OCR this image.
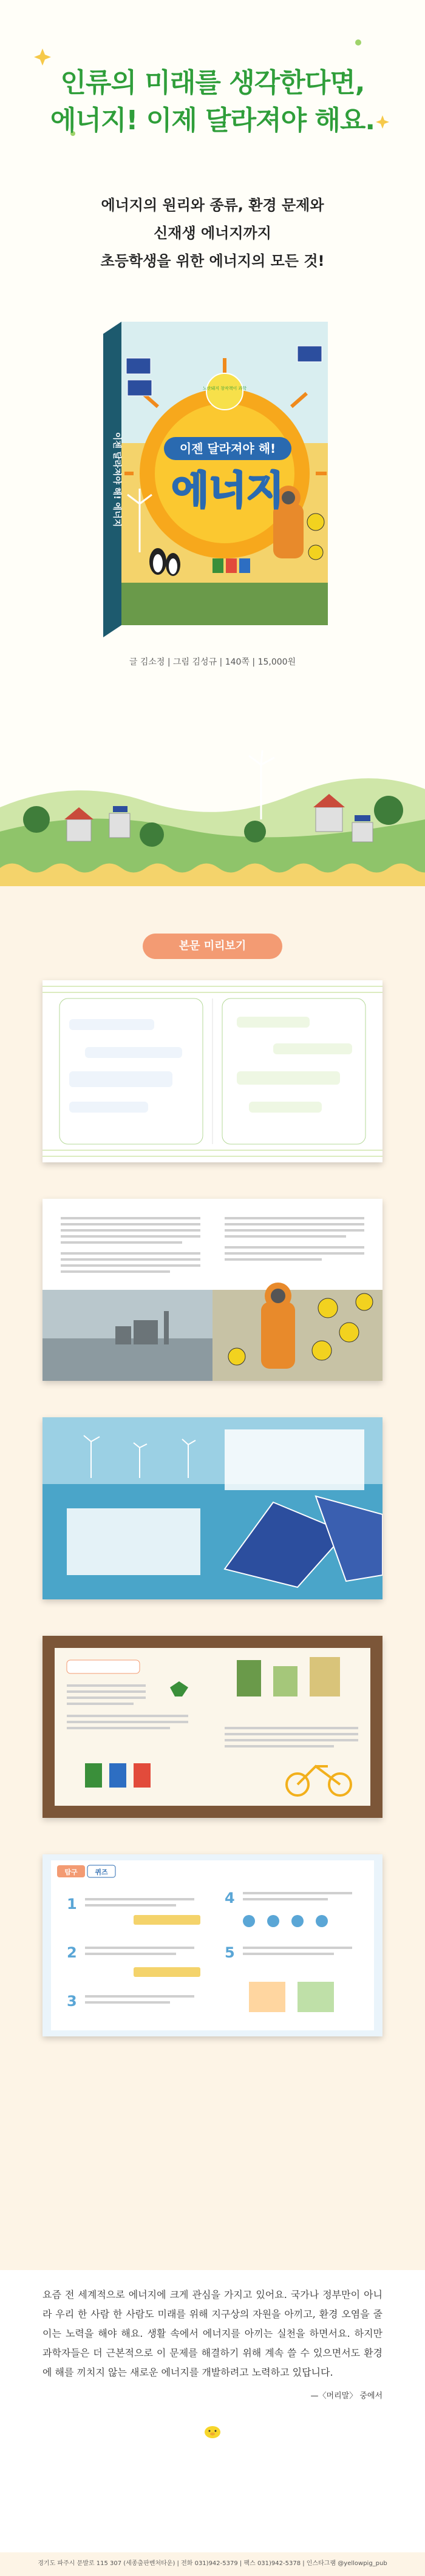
인류의 미래를 생각한다면,
에너지! 이제 달라져야 해요.
에너지의 원리와 종류, 환경 문제와
신재생 에너지까지
초등학생을 위한 에너지의 모든 것!
이젠 달라져야 해!
에너지
노란돼지 창작책이 과학
이젠 달라져야 해! 에너지
글 김소정 | 그림 김성규 | 140쪽 | 15,000원
본문 미리보기
탐구	퀴즈
1
2
3
4
5
요즘 전 세계적으로 에너지에 크게 관심을 가지고 있어요. 국가나 정부만이 아니라 우리 한 사람 한 사람도 미래를 위해 지구상의 자원을 아끼고, 환경 오염을 줄이는 노력을 해야 해요. 생활 속에서 에너지를 아끼는 실천을 하면서요. 하지만 과학자들은 더 근본적으로 이 문제를 해결하기 위해 계속 쓸 수 있으면서도 환경에 해를 끼치지 않는 새로운 에너지를 개발하려고 노력하고 있답니다.
—〈머리말〉 중에서
경기도 파주시 문발로 115 307 (세종출판벤처타운) | 전화 031)942-5379 | 팩스 031)942-5378 | 인스타그램 @yellowpig_pub
